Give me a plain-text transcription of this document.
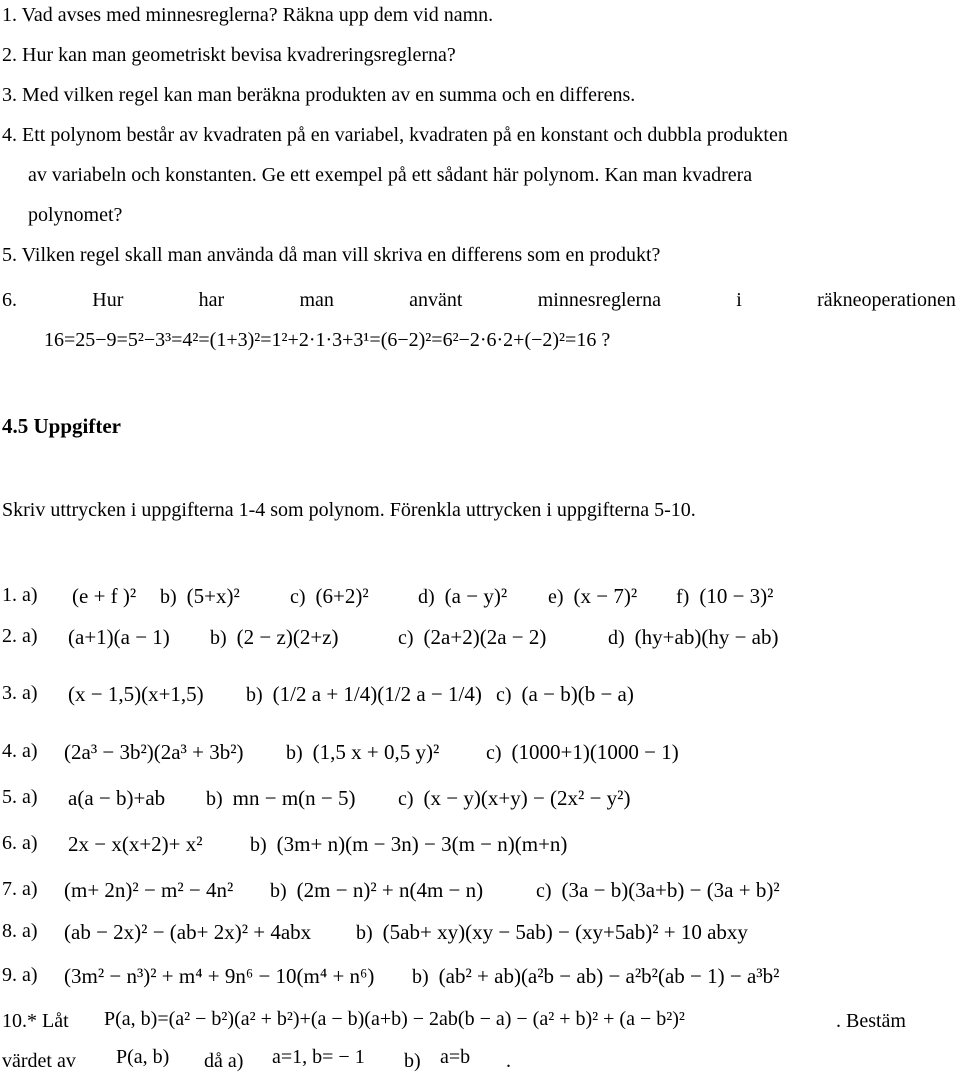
1. Vad avses med minnesreglerna? Räkna upp dem vid namn.
2. Hur kan man geometriskt bevisa kvadreringsreglerna?
3. Med vilken regel kan man beräkna produkten av en summa och en differens.
4. Ett polynom består av kvadraten på en variabel, kvadraten på en konstant och dubbla produkten
av variabeln och konstanten. Ge ett exempel på ett sådant här polynom. Kan man kvadrera
polynomet?
5. Vilken regel skall man använda då man vill skriva en differens som en produkt?
6.	Hur	har	man	använt	minnesreglerna	i	räkneoperationen
16=25−9=5²−3³=4²=(1+3)²=1²+2·1·3+3¹=(6−2)²=6²−2·6·2+(−2)²=16 ?
4.5 Uppgifter
Skriv uttrycken i uppgifterna 1-4 som polynom. Förenkla uttrycken i uppgifterna 5-10.
1. a) (e + f )² b) (5+x)²	c) (6+2)² d) (a − y)² e) (x − 7)² f) (10 − 3)²
2. a) (a+1)(a − 1) b) (2 − z)(2+z)	c) (2a+2)(2a − 2)	d) (hy+ab)(hy − ab)
3. a) (x − 1,5)(x+1,5) b) (1/2 a + 1/4)(1/2 a − 1/4) c) (a − b)(b − a)
4. a) (2a³ − 3b²)(2a³ + 3b²) b) (1,5 x + 0,5 y)² c) (1000+1)(1000 − 1)
5. a) a(a − b)+ab b) mn − m(n − 5) c) (x − y)(x+y) − (2x² − y²)
6. a) 2x − x(x+2)+ x² b) (3m+ n)(m − 3n) − 3(m − n)(m+n)
7. a) (m+ 2n)² − m² − 4n² b) (2m − n)² + n(4m − n)	c) (3a − b)(3a+b) − (3a + b)²
8. a) (ab − 2x)² − (ab+ 2x)² + 4abx b) (5ab+ xy)(xy − 5ab) − (xy+5ab)² + 10 abxy
9. a) (3m² − n³)² + m⁴ + 9n⁶ − 10(m⁴ + n⁶) b) (ab² + ab)(a²b − ab) − a²b²(ab − 1) − a³b²
10.* Låt P(a, b)=(a² − b²)(a² + b²)+(a − b)(a+b) − 2ab(b − a) − (a² + b)² + (a − b²)²	. Bestäm
värdet av P(a, b) då a) a=1, b= − 1 b) a=b .
